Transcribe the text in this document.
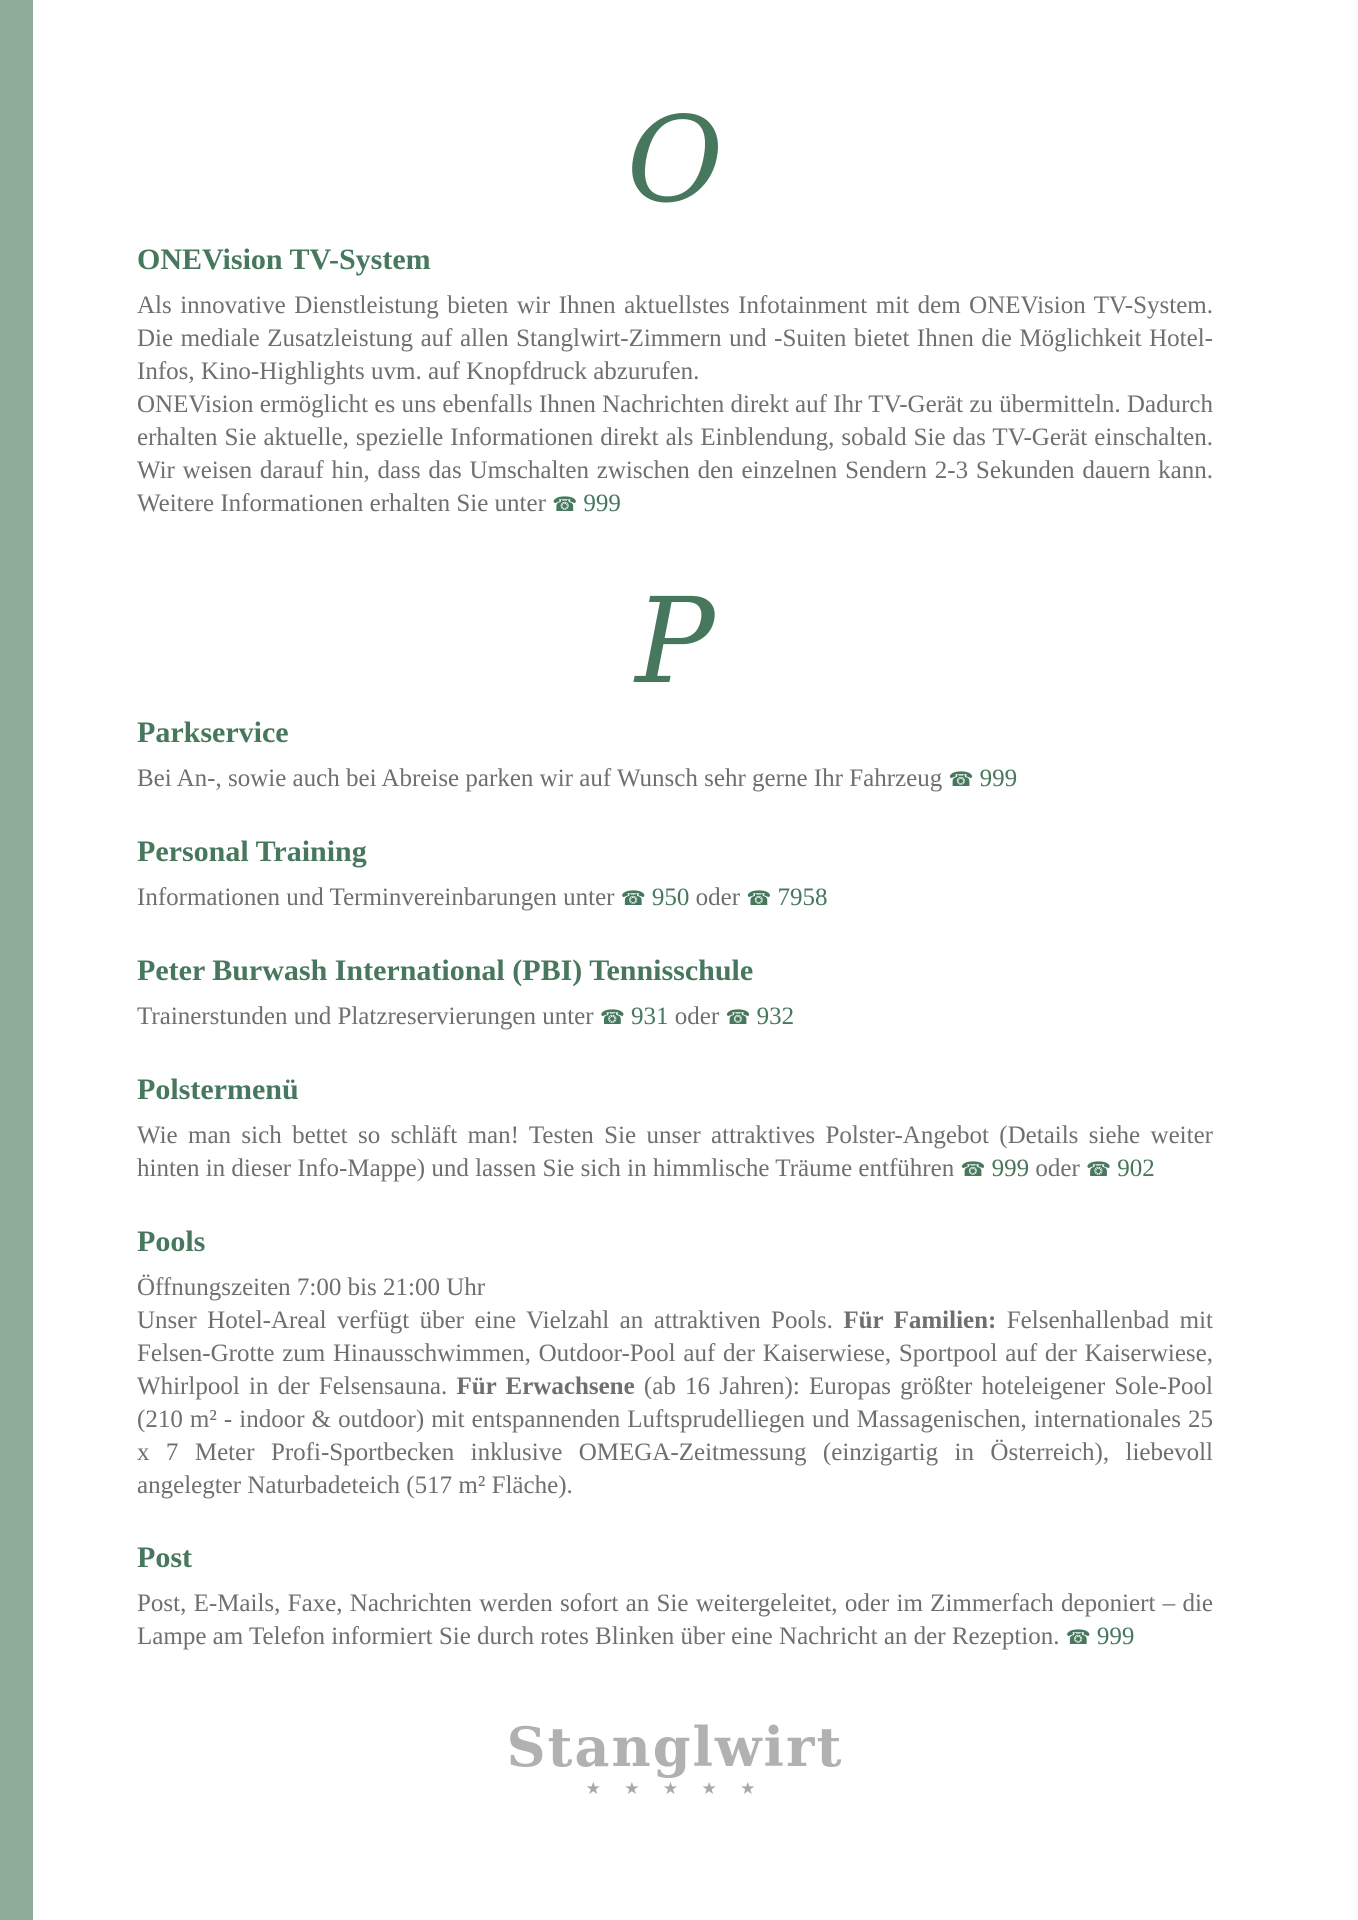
O
ONEVision TV-System

Als innovative Dienstleistung bieten wir Ihnen aktuellstes Infotainment mit dem ONEVision TV-System. Die mediale Zusatzleistung auf allen Stanglwirt-Zimmern und -Suiten bietet Ihnen die Möglichkeit Hotel-Infos, Kino-Highlights uvm. auf Knopfdruck abzurufen.

ONEVision ermöglicht es uns ebenfalls Ihnen Nachrichten direkt auf Ihr TV-Gerät zu übermitteln. Dadurch erhalten Sie aktuelle, spezielle Informationen direkt als Einblendung, sobald Sie das TV-Gerät einschalten. Wir weisen darauf hin, dass das Umschalten zwischen den einzelnen Sendern 2-3 Sekunden dauern kann. Weitere Informationen erhalten Sie unter ☎ 999

P
Parkservice

Bei An-, sowie auch bei Abreise parken wir auf Wunsch sehr gerne Ihr Fahrzeug ☎ 999

Personal Training

Informationen und Terminvereinbarungen unter ☎ 950 oder ☎ 7958

Peter Burwash International (PBI) Tennisschule

Trainerstunden und Platzreservierungen unter ☎ 931 oder ☎ 932

Polstermenü

Wie man sich bettet so schläft man! Testen Sie unser attraktives Polster-Angebot (Details siehe weiter hinten in dieser Info-Mappe) und lassen Sie sich in himmlische Träume entführen ☎ 999 oder ☎ 902

Pools

Öffnungszeiten 7:00 bis 21:00 Uhr

Unser Hotel-Areal verfügt über eine Vielzahl an attraktiven Pools. Für Familien: Felsenhallenbad mit Felsen-Grotte zum Hinausschwimmen, Outdoor-Pool auf der Kaiserwiese, Sportpool auf der Kaiserwiese, Whirlpool in der Felsensauna. Für Erwachsene (ab 16 Jahren): Europas größter hoteleigener Sole-Pool (210 m² - indoor & outdoor) mit entspannenden Luftsprudelliegen und Massagenischen, internationales 25 x 7 Meter Profi-Sportbecken inklusive OMEGA-Zeitmessung (einzigartig in Österreich), liebevoll angelegter Naturbadeteich (517 m² Fläche).

Post

Post, E-Mails, Faxe, Nachrichten werden sofort an Sie weitergeleitet, oder im Zimmerfach deponiert – die Lampe am Telefon informiert Sie durch rotes Blinken über eine Nachricht an der Rezeption. ☎ 999

Stanglwirt
★ ★ ★ ★ ★
